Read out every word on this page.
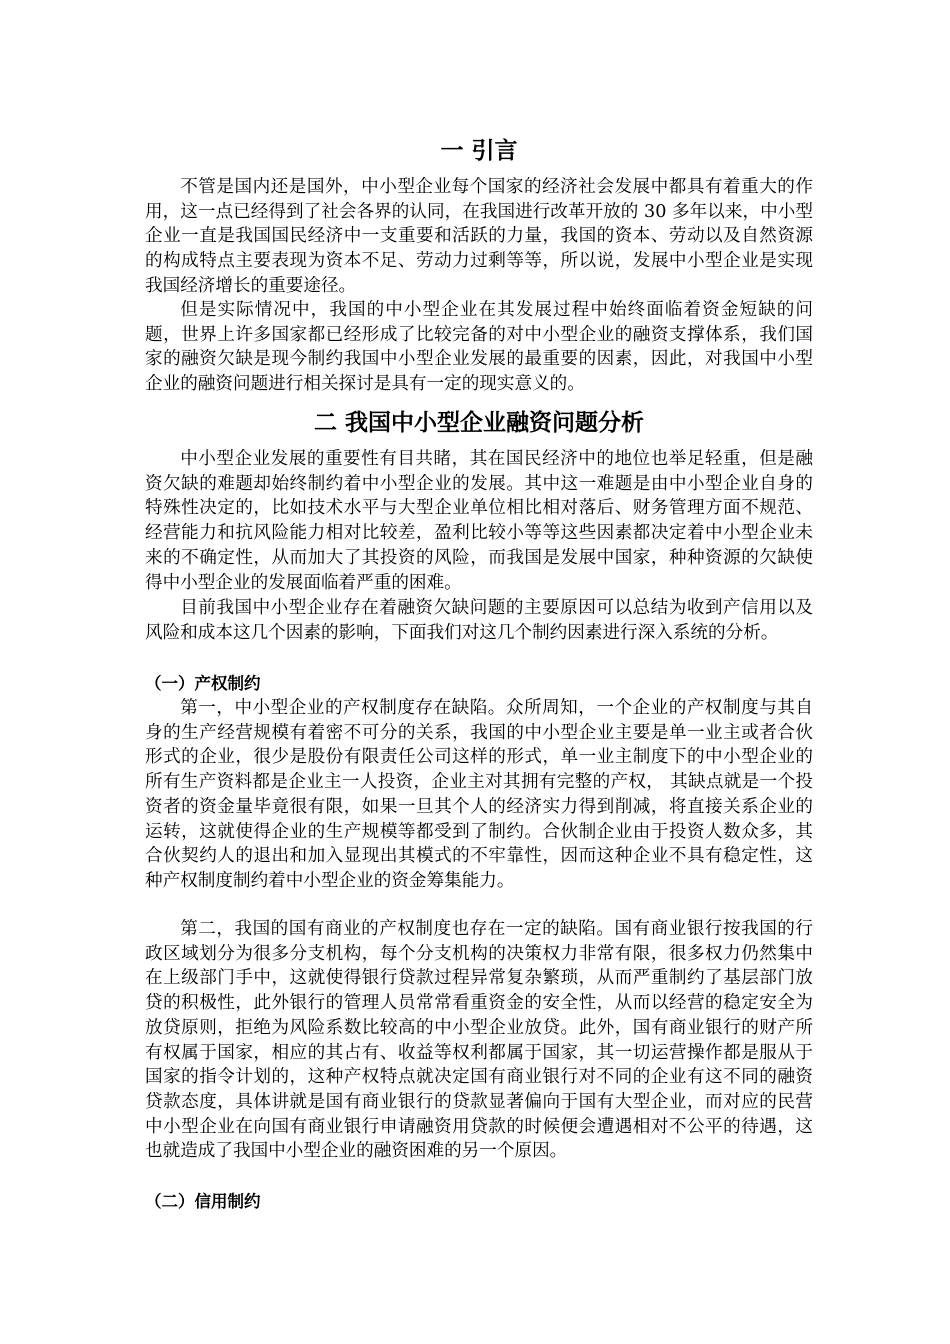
一 引言

不管是国内还是国外，中小型企业每个国家的经济社会发展中都具有着重大的作用，这一点已经得到了社会各界的认同，在我国进行改革开放的 30 多年以来，中小型企业一直是我国国民经济中一支重要和活跃的力量，我国的资本、劳动以及自然资源的构成特点主要表现为资本不足、劳动力过剩等等，所以说，发展中小型企业是实现我国经济增长的重要途径。

但是实际情况中，我国的中小型企业在其发展过程中始终面临着资金短缺的问题，世界上许多国家都已经形成了比较完备的对中小型企业的融资支撑体系，我们国家的融资欠缺是现今制约我国中小型企业发展的最重要的因素，因此，对我国中小型企业的融资问题进行相关探讨是具有一定的现实意义的。

二 我国中小型企业融资问题分析

中小型企业发展的重要性有目共睹，其在国民经济中的地位也举足轻重，但是融资欠缺的难题却始终制约着中小型企业的发展。其中这一难题是由中小型企业自身的特殊性决定的，比如技术水平与大型企业单位相比相对落后、财务管理方面不规范、经营能力和抗风险能力相对比较差，盈利比较小等等这些因素都决定着中小型企业未来的不确定性，从而加大了其投资的风险，而我国是发展中国家，种种资源的欠缺使得中小型企业的发展面临着严重的困难。

目前我国中小型企业存在着融资欠缺问题的主要原因可以总结为收到产信用以及风险和成本这几个因素的影响，下面我们对这几个制约因素进行深入系统的分析。

（一）产权制约

第一，中小型企业的产权制度存在缺陷。众所周知，一个企业的产权制度与其自身的生产经营规模有着密不可分的关系，我国的中小型企业主要是单一业主或者合伙形式的企业，很少是股份有限责任公司这样的形式，单一业主制度下的中小型企业的所有生产资料都是企业主一人投资，企业主对其拥有完整的产权， 其缺点就是一个投资者的资金量毕竟很有限，如果一旦其个人的经济实力得到削减，将直接关系企业的运转，这就使得企业的生产规模等都受到了制约。合伙制企业由于投资人数众多，其合伙契约人的退出和加入显现出其模式的不牢靠性，因而这种企业不具有稳定性，这种产权制度制约着中小型企业的资金筹集能力。

第二，我国的国有商业的产权制度也存在一定的缺陷。国有商业银行按我国的行政区域划分为很多分支机构，每个分支机构的决策权力非常有限，很多权力仍然集中在上级部门手中，这就使得银行贷款过程异常复杂繁琐，从而严重制约了基层部门放贷的积极性，此外银行的管理人员常常看重资金的安全性，从而以经营的稳定安全为放贷原则，拒绝为风险系数比较高的中小型企业放贷。此外，国有商业银行的财产所有权属于国家，相应的其占有、收益等权利都属于国家，其一切运营操作都是服从于国家的指令计划的，这种产权特点就决定国有商业银行对不同的企业有这不同的融资贷款态度，具体讲就是国有商业银行的贷款显著偏向于国有大型企业，而对应的民营中小型企业在向国有商业银行申请融资用贷款的时候便会遭遇相对不公平的待遇，这也就造成了我国中小型企业的融资困难的另一个原因。

（二）信用制约
